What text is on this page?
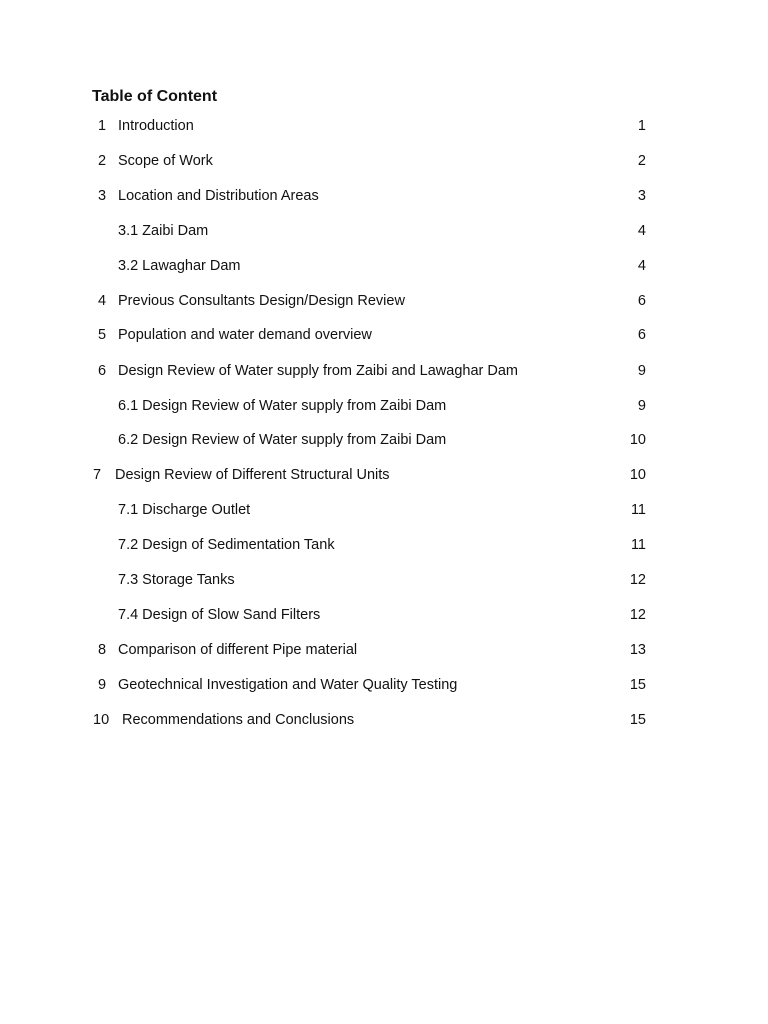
Table of Content
1 Introduction	1
2 Scope of Work	2
3 Location and Distribution Areas	3
3.1 Zaibi Dam	4
3.2 Lawaghar Dam	4
4 Previous Consultants Design/Design Review	6
5 Population and water demand overview	6
6 Design Review of Water supply from Zaibi and Lawaghar Dam	9
6.1 Design Review of Water supply from Zaibi Dam	9
6.2 Design Review of Water supply from Zaibi Dam	10
7 Design Review of Different Structural Units	10
7.1 Discharge Outlet	11
7.2 Design of Sedimentation Tank	11
7.3 Storage Tanks	12
7.4 Design of Slow Sand Filters	12
8 Comparison of different Pipe material	13
9 Geotechnical Investigation and Water Quality Testing	15
10 Recommendations and Conclusions	15
